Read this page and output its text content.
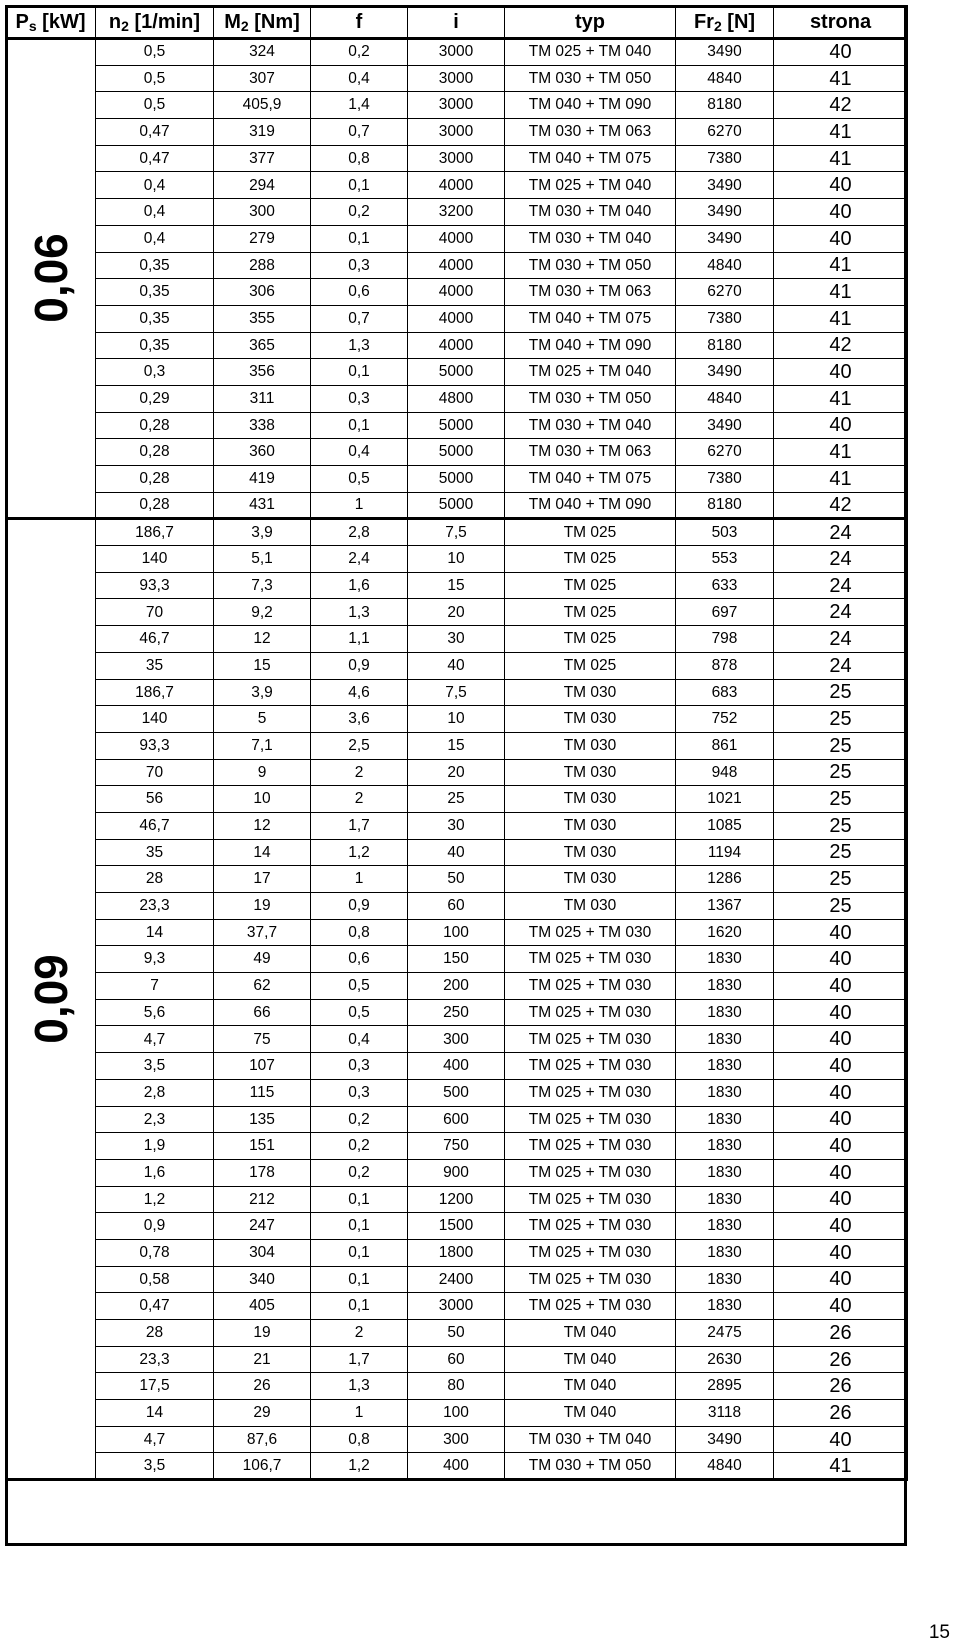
$P_s$ [kW]	$n_2$ [1/min]	$M_2$ [Nm]	f	i	typ	$Fr_2$ [N]	strona
0,06	0,5	324	0,2	3000	TM 025 + TM 040	3490	40
	0,5	307	0,4	3000	TM 030 + TM 050	4840	41
	0,5	405,9	1,4	3000	TM 040 + TM 090	8180	42
	0,47	319	0,7	3000	TM 030 + TM 063	6270	41
	0,47	377	0,8	3000	TM 040 + TM 075	7380	41
	0,4	294	0,1	4000	TM 025 + TM 040	3490	40
	0,4	300	0,2	3200	TM 030 + TM 040	3490	40
	0,4	279	0,1	4000	TM 030 + TM 040	3490	40
	0,35	288	0,3	4000	TM 030 + TM 050	4840	41
	0,35	306	0,6	4000	TM 030 + TM 063	6270	41
	0,35	355	0,7	4000	TM 040 + TM 075	7380	41
	0,35	365	1,3	4000	TM 040 + TM 090	8180	42
	0,3	356	0,1	5000	TM 025 + TM 040	3490	40
	0,29	311	0,3	4800	TM 030 + TM 050	4840	41
	0,28	338	0,1	5000	TM 030 + TM 040	3490	40
	0,28	360	0,4	5000	TM 030 + TM 063	6270	41
	0,28	419	0,5	5000	TM 040 + TM 075	7380	41
	0,28	431	1	5000	TM 040 + TM 090	8180	42
0,09	186,7	3,9	2,8	7,5	TM 025	503	24
	140	5,1	2,4	10	TM 025	553	24
	93,3	7,3	1,6	15	TM 025	633	24
	70	9,2	1,3	20	TM 025	697	24
	46,7	12	1,1	30	TM 025	798	24
	35	15	0,9	40	TM 025	878	24
	186,7	3,9	4,6	7,5	TM 030	683	25
	140	5	3,6	10	TM 030	752	25
	93,3	7,1	2,5	15	TM 030	861	25
	70	9	2	20	TM 030	948	25
	56	10	2	25	TM 030	1021	25
	46,7	12	1,7	30	TM 030	1085	25
	35	14	1,2	40	TM 030	1194	25
	28	17	1	50	TM 030	1286	25
	23,3	19	0,9	60	TM 030	1367	25
	14	37,7	0,8	100	TM 025 + TM 030	1620	40
	9,3	49	0,6	150	TM 025 + TM 030	1830	40
	7	62	0,5	200	TM 025 + TM 030	1830	40
	5,6	66	0,5	250	TM 025 + TM 030	1830	40
	4,7	75	0,4	300	TM 025 + TM 030	1830	40
	3,5	107	0,3	400	TM 025 + TM 030	1830	40
	2,8	115	0,3	500	TM 025 + TM 030	1830	40
	2,3	135	0,2	600	TM 025 + TM 030	1830	40
	1,9	151	0,2	750	TM 025 + TM 030	1830	40
	1,6	178	0,2	900	TM 025 + TM 030	1830	40
	1,2	212	0,1	1200	TM 025 + TM 030	1830	40
	0,9	247	0,1	1500	TM 025 + TM 030	1830	40
	0,78	304	0,1	1800	TM 025 + TM 030	1830	40
	0,58	340	0,1	2400	TM 025 + TM 030	1830	40
	0,47	405	0,1	3000	TM 025 + TM 030	1830	40
	28	19	2	50	TM 040	2475	26
	23,3	21	1,7	60	TM 040	2630	26
	17,5	26	1,3	80	TM 040	2895	26
	14	29	1	100	TM 040	3118	26
	4,7	87,6	0,8	300	TM 030 + TM 040	3490	40
	3,5	106,7	1,2	400	TM 030 + TM 050	4840	41
15
